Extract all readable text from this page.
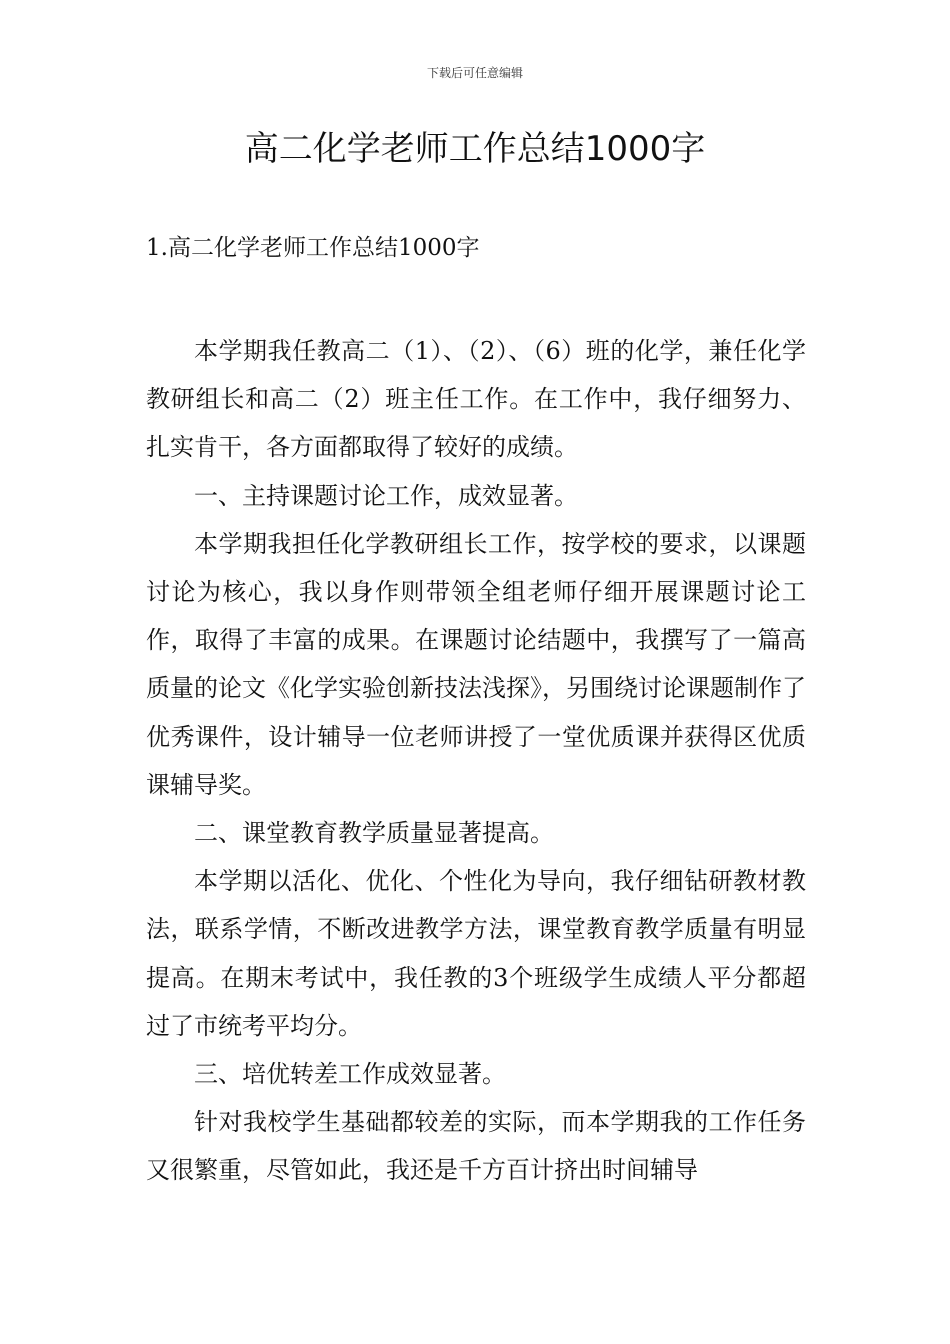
下载后可任意编辑
高二化学老师工作总结1000字

1.高二化学老师工作总结1000字

本学期我任教高二（1）、（2）、（6）班的化学，兼任化学教研组长和高二（2）班主任工作。在工作中，我仔细努力、扎实肯干，各方面都取得了较好的成绩。

一、主持课题讨论工作，成效显著。

本学期我担任化学教研组长工作，按学校的要求，以课题讨论为核心，我以身作则带领全组老师仔细开展课题讨论工作，取得了丰富的成果。在课题讨论结题中，我撰写了一篇高质量的论文《化学实验创新技法浅探》，另围绕讨论课题制作了优秀课件，设计辅导一位老师讲授了一堂优质课并获得区优质课辅导奖。

二、课堂教育教学质量显著提高。

本学期以活化、优化、个性化为导向，我仔细钻研教材教法，联系学情，不断改进教学方法，课堂教育教学质量有明显提高。在期末考试中，我任教的3个班级学生成绩人平分都超过了市统考平均分。

三、培优转差工作成效显著。

针对我校学生基础都较差的实际，而本学期我的工作任务又很繁重，尽管如此，我还是千方百计挤出时间辅导
